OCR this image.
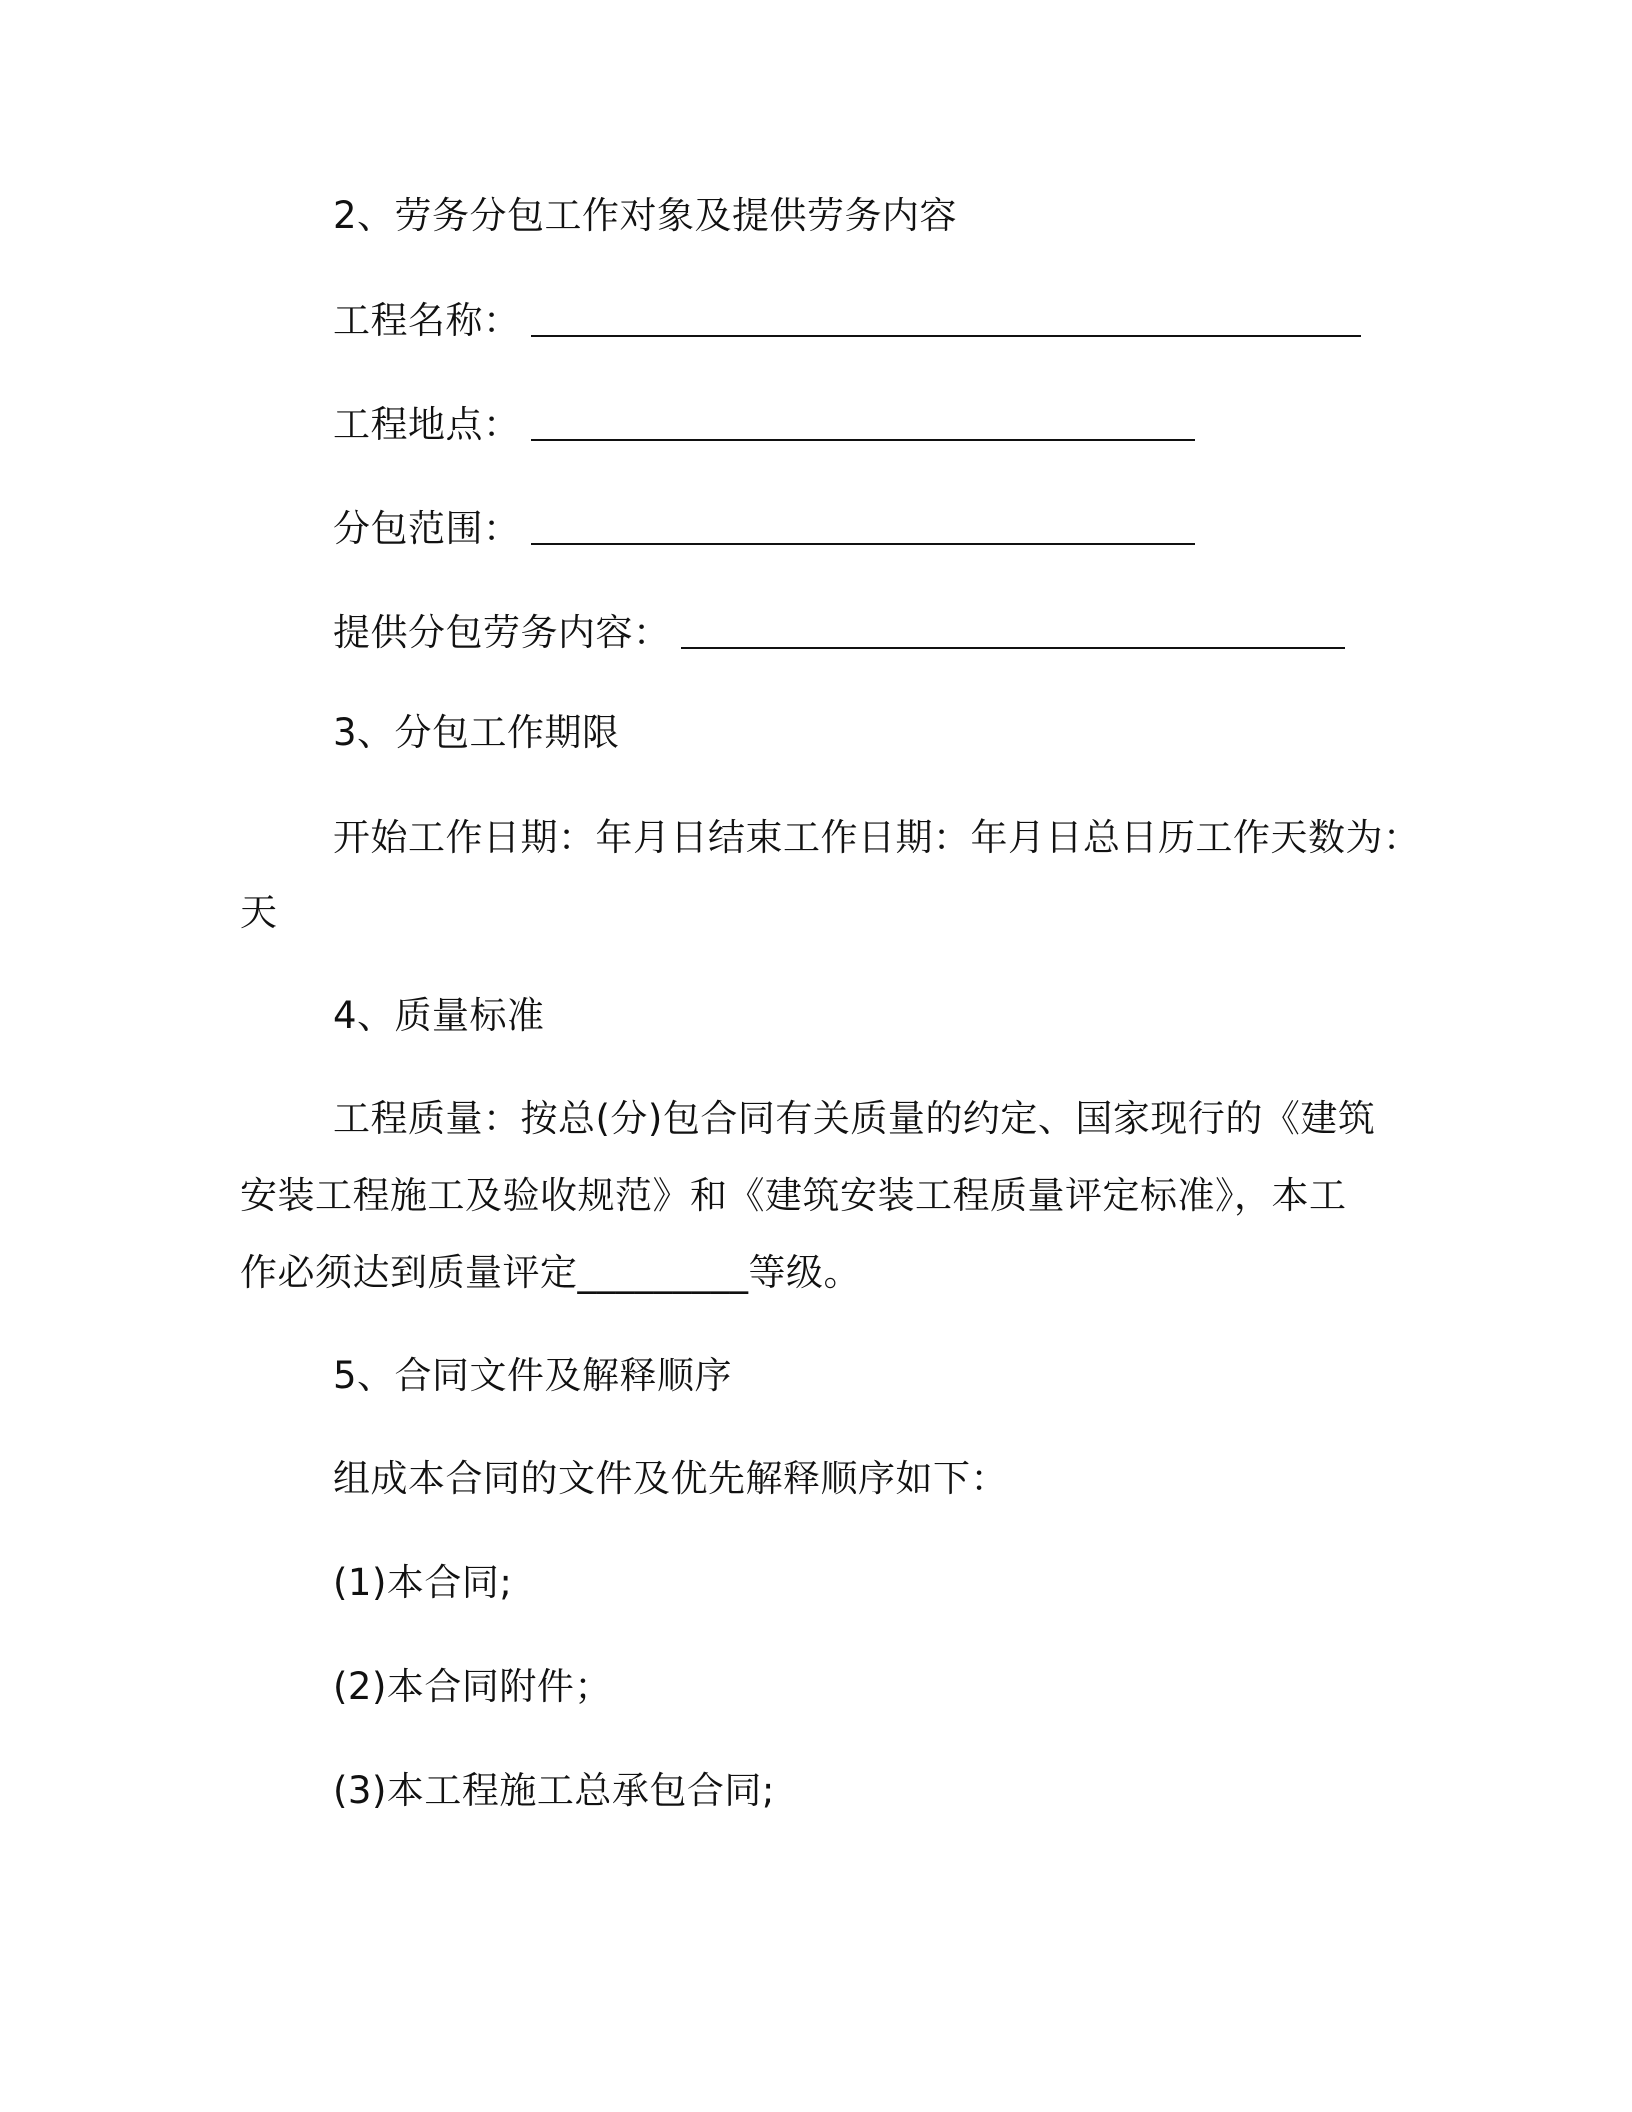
2、劳务分包工作对象及提供劳务内容
工程名称：
工程地点：
分包范围：
提供分包劳务内容：
3、分包工作期限
开始工作日期：年月日结束工作日期：年月日总日历工作天数为：
天
4、质量标准
工程质量：按总(分)包合同有关质量的约定、国家现行的《建筑
安装工程施工及验收规范》和《建筑安装工程质量评定标准》，本工
作必须达到质量评定_________等级。
5、合同文件及解释顺序
组成本合同的文件及优先解释顺序如下：
(1)本合同;
(2)本合同附件；
(3)本工程施工总承包合同;
